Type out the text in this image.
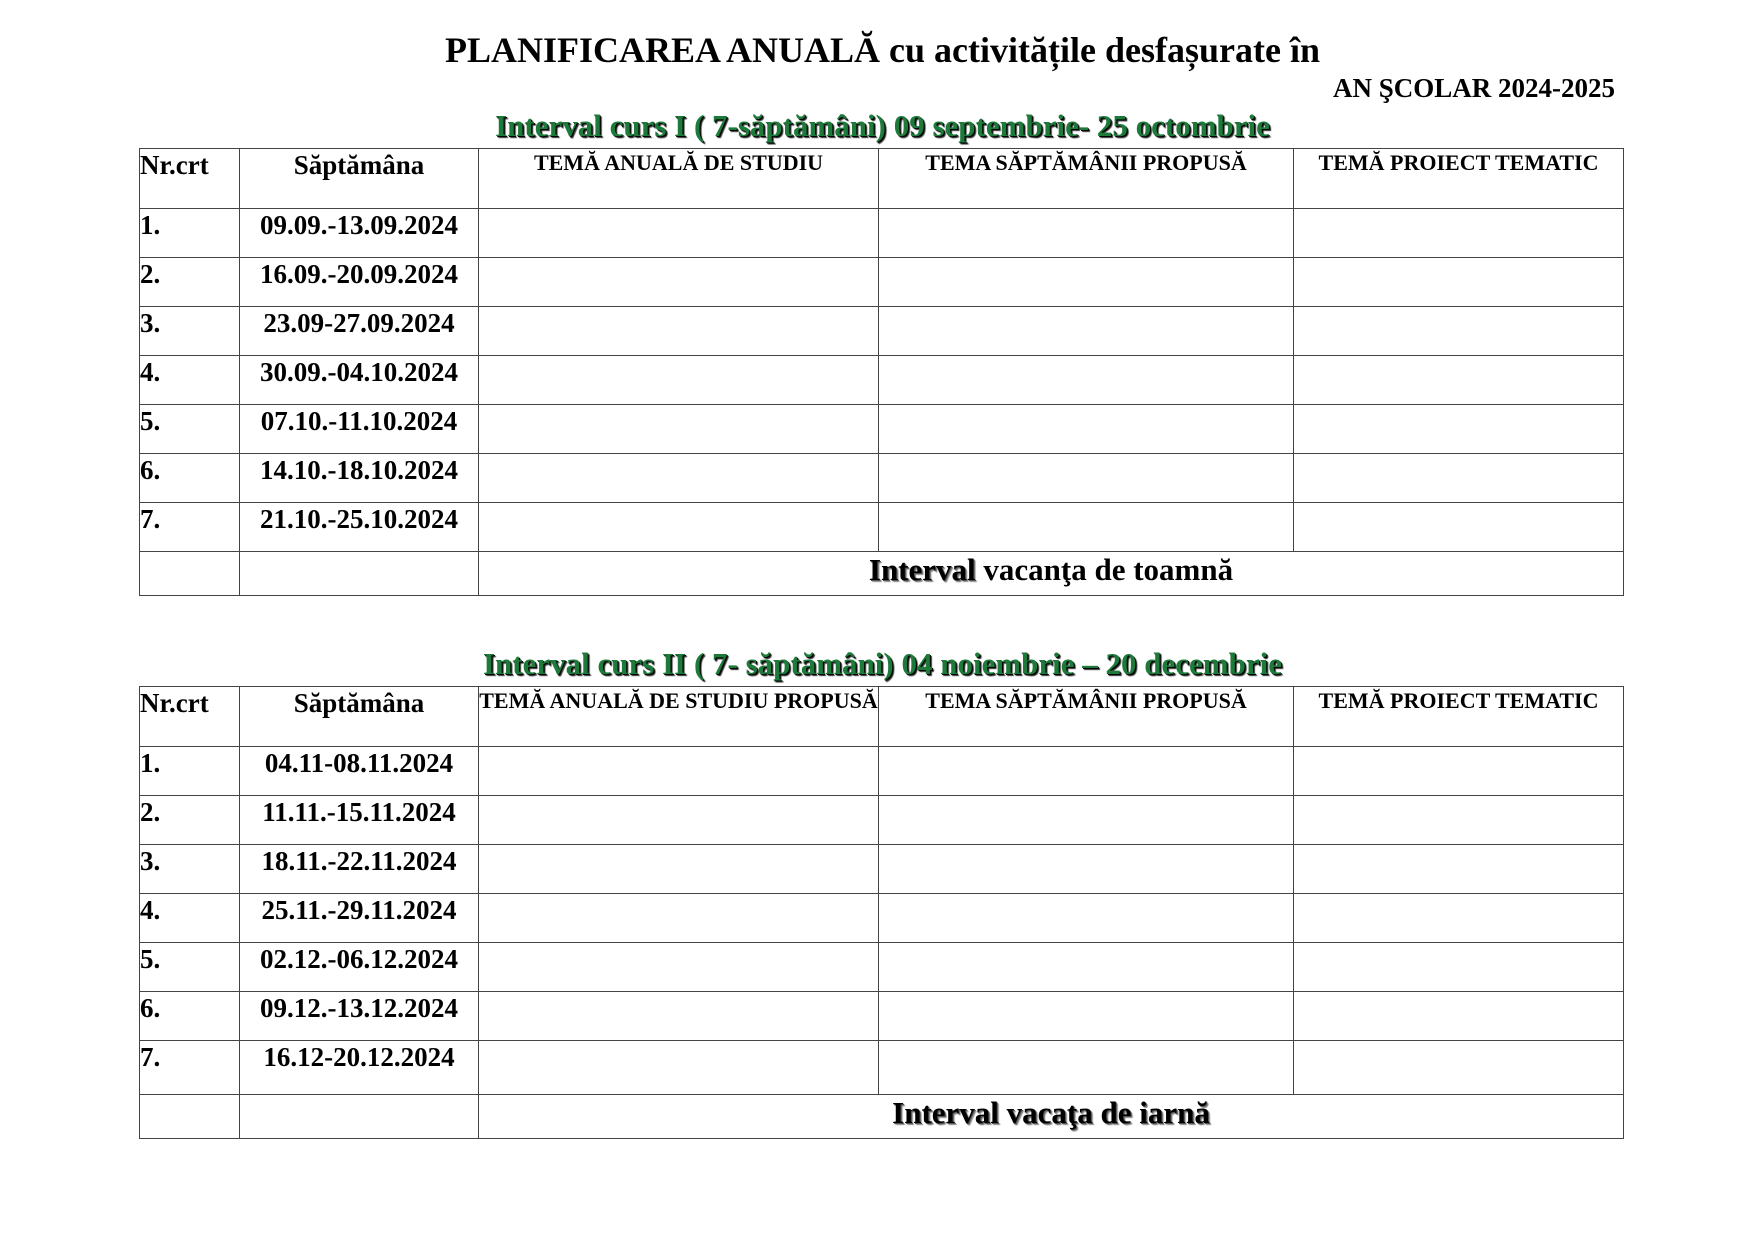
PLANIFICAREA ANUALĂ cu activitățile desfașurate în
AN ŞCOLAR 2024-2025
Interval curs I ( 7-săptămâni) 09 septembrie- 25 octombrie
Nr.crt	Săptămâna	TEMĂ ANUALĂ DE STUDIU	TEMA SĂPTĂMÂNII PROPUSĂ	TEMĂ PROIECT TEMATIC
1.	09.09.-13.09.2024			
2.	16.09.-20.09.2024			
3.	23.09-27.09.2024			
4.	30.09.-04.10.2024			
5.	07.10.-11.10.2024			
6.	14.10.-18.10.2024			
7.	21.10.-25.10.2024			
		Interval vacanţa de toamnă		
Interval curs II ( 7- săptămâni) 04 noiembrie – 20 decembrie
Nr.crt	Săptămâna	TEMĂ ANUALĂ DE STUDIU PROPUSĂ	TEMA SĂPTĂMÂNII PROPUSĂ	TEMĂ PROIECT TEMATIC
1.	04.11-08.11.2024			
2.	11.11.-15.11.2024			
3.	18.11.-22.11.2024			
4.	25.11.-29.11.2024			
5.	02.12.-06.12.2024			
6.	09.12.-13.12.2024			
7.	16.12-20.12.2024			
		Interval vacaţa de iarnă		
